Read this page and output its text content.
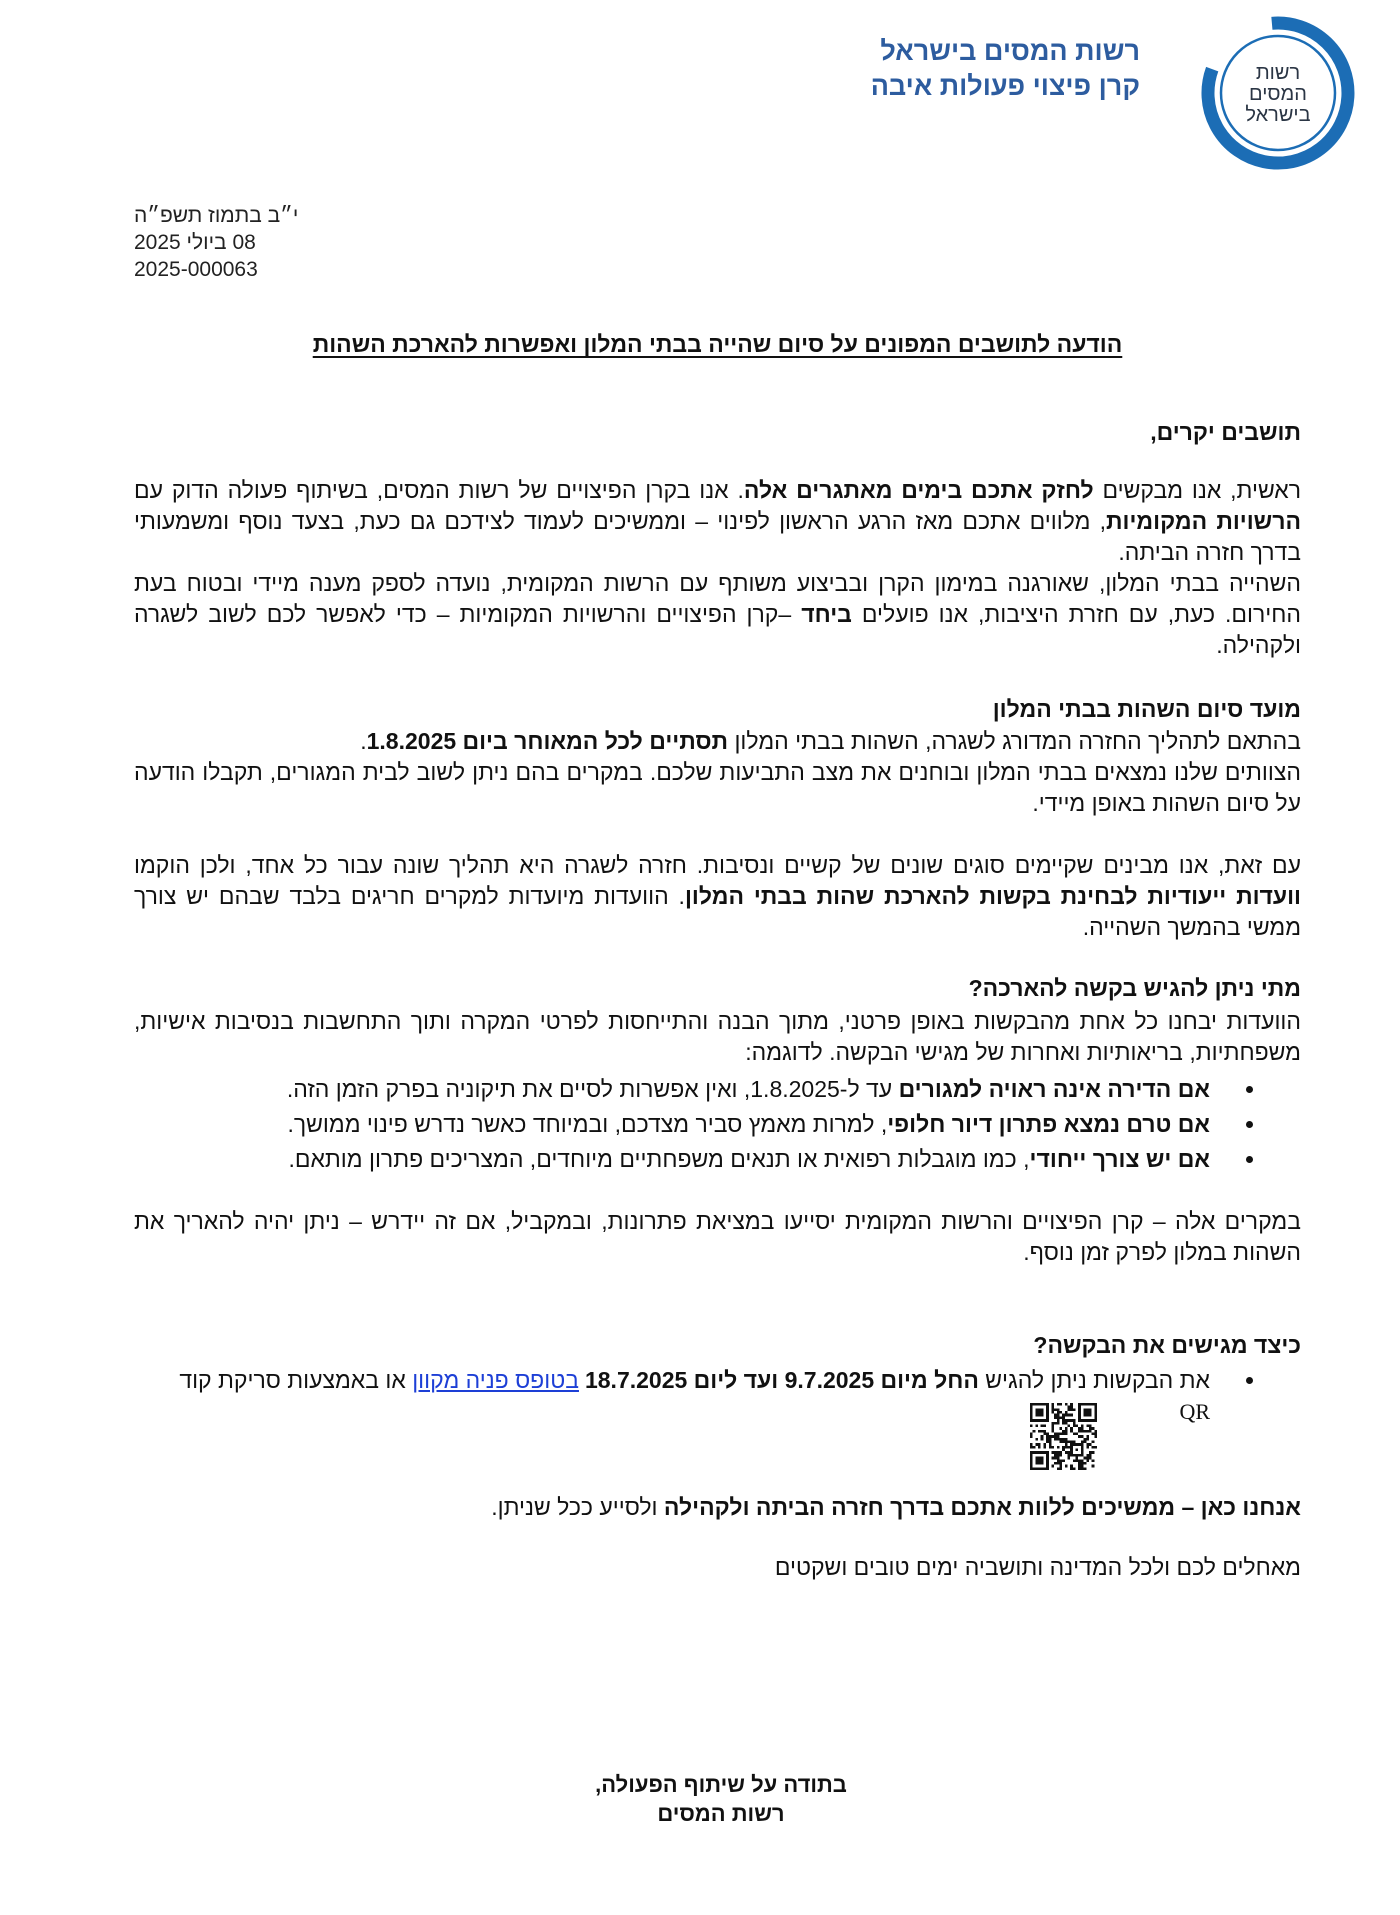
רשות
המסים
בישראל
רשות המסים בישראל
קרן פיצוי פעולות איבה
י״ב בתמוז תשפ״ה
08 ביולי 2025
2025-000063
הודעה לתושבים המפונים על סיום שהייה בבתי המלון ואפשרות להארכת השהות
תושבים יקרים,
ראשית, אנו מבקשים לחזק אתכם בימים מאתגרים אלה. אנו בקרן הפיצויים של רשות המסים, בשיתוף פעולה הדוק עם הרשויות המקומיות, מלווים אתכם מאז הרגע הראשון לפינוי – וממשיכים לעמוד לצידכם גם כעת, בצעד נוסף ומשמעותי בדרך חזרה הביתה.
השהייה בבתי המלון, שאורגנה במימון הקרן ובביצוע משותף עם הרשות המקומית, נועדה לספק מענה מיידי ובטוח בעת החירום. כעת, עם חזרת היציבות, אנו פועלים ביחד –קרן הפיצויים והרשויות המקומיות – כדי לאפשר לכם לשוב לשגרה ולקהילה.
מועד סיום השהות בבתי המלון
בהתאם לתהליך החזרה המדורג לשגרה, השהות בבתי המלון תסתיים לכל המאוחר ביום 1.8.2025.
הצוותים שלנו נמצאים בבתי המלון ובוחנים את מצב התביעות שלכם. במקרים בהם ניתן לשוב לבית המגורים, תקבלו הודעה על סיום השהות באופן מיידי.
עם זאת, אנו מבינים שקיימים סוגים שונים של קשיים ונסיבות. חזרה לשגרה היא תהליך שונה עבור כל אחד, ולכן הוקמו וועדות ייעודיות לבחינת בקשות להארכת שהות בבתי המלון. הוועדות מיועדות למקרים חריגים בלבד שבהם יש צורך ממשי בהמשך השהייה.
מתי ניתן להגיש בקשה להארכה?
הוועדות יבחנו כל אחת מהבקשות באופן פרטני, מתוך הבנה והתייחסות לפרטי המקרה ותוך התחשבות בנסיבות אישיות, משפחתיות, בריאותיות ואחרות של מגישי הבקשה. לדוגמה:
אם הדירה אינה ראויה למגורים עד ל-1.8.2025, ואין אפשרות לסיים את תיקוניה בפרק הזמן הזה.
אם טרם נמצא פתרון דיור חלופי, למרות מאמץ סביר מצדכם, ובמיוחד כאשר נדרש פינוי ממושך.
אם יש צורך ייחודי, כמו מוגבלות רפואית או תנאים משפחתיים מיוחדים, המצריכים פתרון מותאם.
במקרים אלה – קרן הפיצויים והרשות המקומית יסייעו במציאת פתרונות, ובמקביל, אם זה יידרש – ניתן יהיה להאריך את השהות במלון לפרק זמן נוסף.
כיצד מגישים את הבקשה?
את הבקשות ניתן להגיש החל מיום 9.7.2025 ועד ליום 18.7.2025בטופס פניה מקוון או באמצעות סריקת קוד
QR
אנחנו כאן – ממשיכים ללוות אתכם בדרך חזרה הביתה ולקהילה ולסייע ככל שניתן.
מאחלים לכם ולכל המדינה ותושביה ימים טובים ושקטים
בתודה על שיתוף הפעולה,
רשות המסים
